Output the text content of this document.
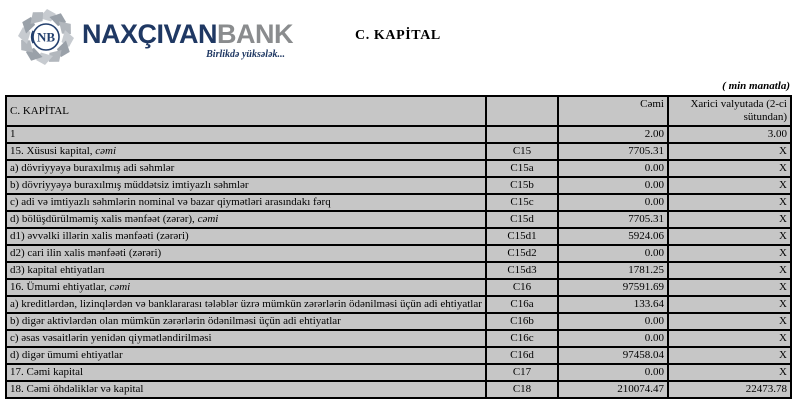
NB NAXÇIVANBANK
Birlikdə yüksələk...
C. KAPİTAL
( min manatla)
C. KAPİTAL		Cəmi	Xarici valyutada (2-ci sütundan)
1		2.00	3.00
15. Xüsusi kapital, cəmi	C15	7705.31	X
a) dövriyyəyə buraxılmış adi səhmlər	C15a	0.00	X
b) dövriyyəyə buraxılmış müddətsiz imtiyazlı səhmlər	C15b	0.00	X
c) adi və imtiyazlı səhmlərin nominal və bazar qiymətləri arasındakı fərq	C15c	0.00	X
d) bölüşdürülməmiş xalis mənfəət (zərər), cəmi	C15d	7705.31	X
d1) əvvəlki illərin xalis mənfəəti (zərəri)	C15d1	5924.06	X
d2) cari ilin xalis mənfəəti (zərəri)	C15d2	0.00	X
d3) kapital ehtiyatları	C15d3	1781.25	X
16. Ümumi ehtiyatlar, cəmi	C16	97591.69	X
a) kreditlərdən, lizinqlərdən və banklararası tələblər üzrə mümkün zərərlərin ödənilməsi üçün adi ehtiyatlar	C16a	133.64	X
b) digər aktivlərdən olan mümkün zərərlərin ödənilməsi üçün adi ehtiyatlar	C16b	0.00	X
c) əsas vəsaitlərin yenidən qiymətləndirilməsi	C16c	0.00	X
d) digər ümumi ehtiyatlar	C16d	97458.04	X
17. Cəmi kapital	C17	0.00	X
18. Cəmi öhdəliklər və kapital	C18	210074.47	22473.78
